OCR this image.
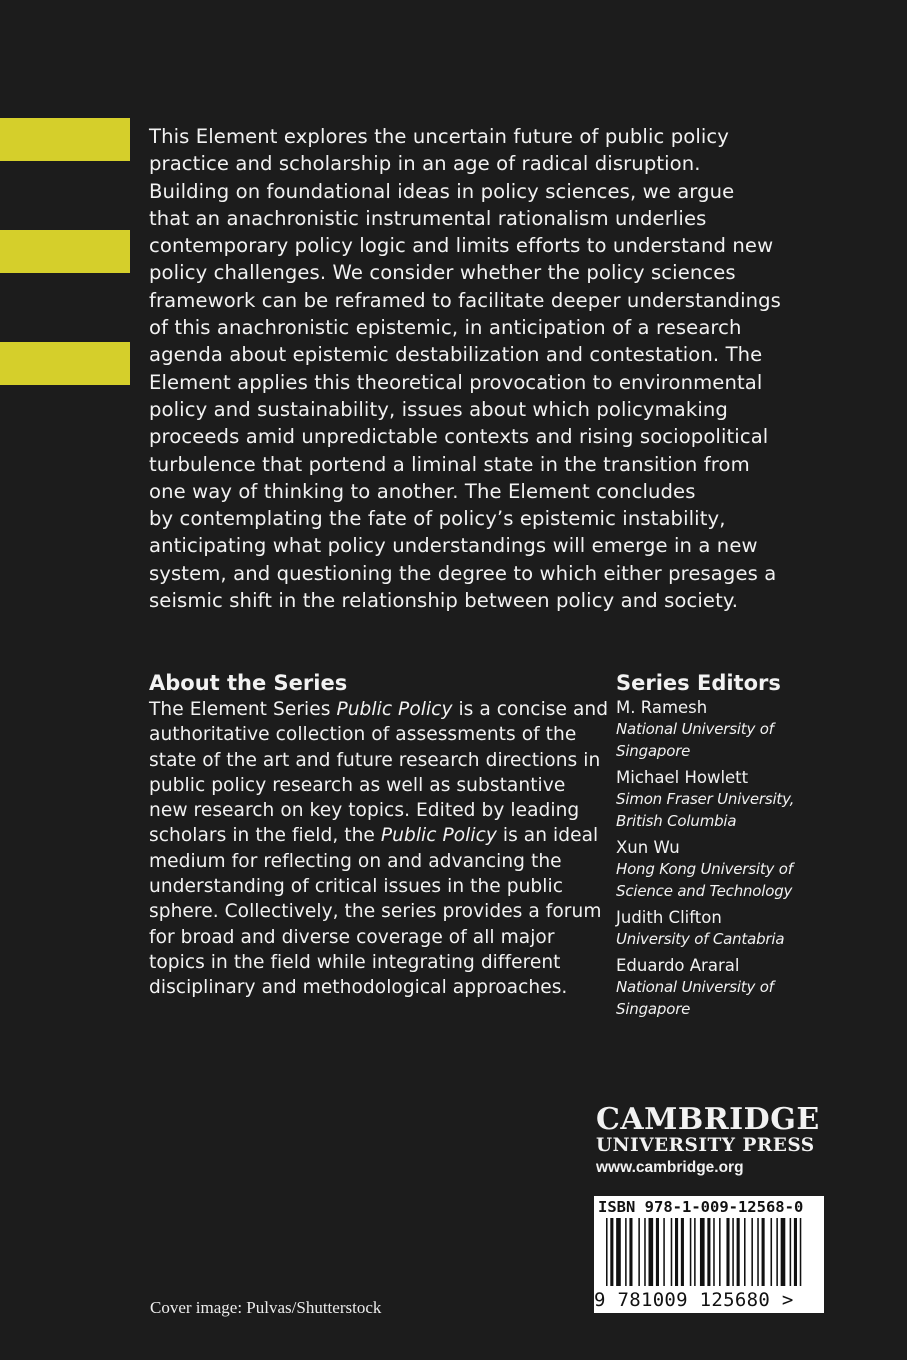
This Element explores the uncertain future of public policy
practice and scholarship in an age of radical disruption.
Building on foundational ideas in policy sciences, we argue
that an anachronistic instrumental rationalism underlies
contemporary policy logic and limits efforts to understand new
policy challenges. We consider whether the policy sciences
framework can be reframed to facilitate deeper understandings
of this anachronistic epistemic, in anticipation of a research
agenda about epistemic destabilization and contestation. The
Element applies this theoretical provocation to environmental
policy and sustainability, issues about which policymaking
proceeds amid unpredictable contexts and rising sociopolitical
turbulence that portend a liminal state in the transition from
one way of thinking to another. The Element concludes
by contemplating the fate of policy’s epistemic instability,
anticipating what policy understandings will emerge in a new
system, and questioning the degree to which either presages a
seismic shift in the relationship between policy and society.

About the Series

The Element Series Public Policy is a concise and authoritative collection of assessments of the state of the art and future research directions in public policy research as well as substantive new research on key topics. Edited by leading scholars in the field, the Public Policy is an ideal medium for reflecting on and advancing the understanding of critical issues in the public sphere. Collectively, the series provides a forum for broad and diverse coverage of all major topics in the field while integrating different disciplinary and methodological approaches.

Series Editors

M. Ramesh
National University of Singapore
Michael Howlett
Simon Fraser University, British Columbia
Xun Wu
Hong Kong University of Science and Technology
Judith Clifton
University of Cantabria
Eduardo Araral
National University of Singapore

CAMBRIDGE

UNIVERSITY PRESS

www.cambridge.org

ISBN 978-1-009-12568-0
9 781009 125680 >
Cover image: Pulvas/Shutterstock
